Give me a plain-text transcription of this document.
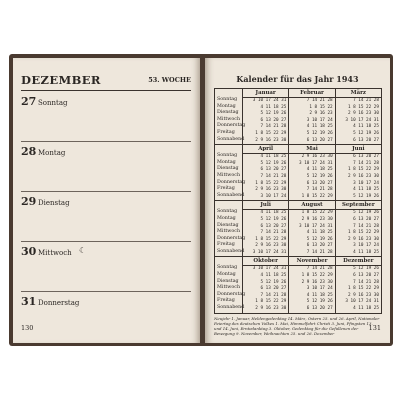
DEZEMBER	53. WOCHE
27 Sonntag
28 Montag
29 Dienstag
30 Mittwoch ☾
31 Donnerstag
130
Kalender für das Jahr 1943
Sonntag
Montag
Dienstag
Mittwoch
Donnerstag
Freitag
Sonnabend
Januar
3 10 17 24 31
4 11 18 25
5 12 19 26
6 13 20 27
7 14 21 28
1 8 15 22 29
2 9 16 23 30
Februar
7 14 21 28
1 8 15 22
2 9 16 23
3 10 17 24
4 11 18 25
5 12 19 26
6 13 20 27
März
7 14 21 28
1 8 15 22 29
2 9 16 23 30
3 10 17 24 31
4 11 18 25
5 12 19 26
6 13 20 27
Sonntag
Montag
Dienstag
Mittwoch
Donnerstag
Freitag
Sonnabend
April
4 11 18 25
5 12 19 26
6 13 20 27
7 14 21 28
1 8 15 22 29
2 9 16 23 30
3 10 17 24
Mai
2 9 16 23 30
3 10 17 24 31
4 11 18 25
5 12 19 26
6 13 20 27
7 14 21 28
1 8 15 22 29
Juni
6 13 20 27
7 14 21 28
1 8 15 22 29
2 9 16 23 30
3 10 17 24
4 11 18 25
5 12 19 26
Sonntag
Montag
Dienstag
Mittwoch
Donnerstag
Freitag
Sonnabend
Juli
4 11 18 25
5 12 19 26
6 13 20 27
7 14 21 28
1 8 15 22 29
2 9 16 23 30
3 10 17 24 31
August
1 8 15 22 29
2 9 16 23 30
3 10 17 24 31
4 11 18 25
5 12 19 26
6 13 20 27
7 14 21 28
September
5 12 19 26
6 13 20 27
7 14 21 28
1 8 15 22 29
2 9 16 23 30
3 10 17 24
4 11 18 25
Sonntag
Montag
Dienstag
Mittwoch
Donnerstag
Freitag
Sonnabend
Oktober
3 10 17 24 31
4 11 18 25
5 12 19 26
6 13 20 27
7 14 21 28
1 8 15 22 29
2 9 16 23 30
November
7 14 21 28
1 8 15 22 29
2 9 16 23 30
3 10 17 24
4 11 18 25
5 12 19 26
6 13 20 27
Dezember
5 12 19 26
6 13 20 27
7 14 21 28
1 8 15 22 29
2 9 16 23 30
3 10 17 24 31
4 11 18 25
Neujahr 1. Januar, Heldengedenktag 14. März, Ostern 25. und 26. April, Nationaler Feiertag des deutschen Volkes 1. Mai, Himmelfahrt Christi 3. Juni, Pfingsten 13. und 14. Juni, Erntedanktag 3. Oktober, Gedenktag für die Gefallenen der Bewegung 9. November, Weihnachten 25. und 26. Dezember
131
